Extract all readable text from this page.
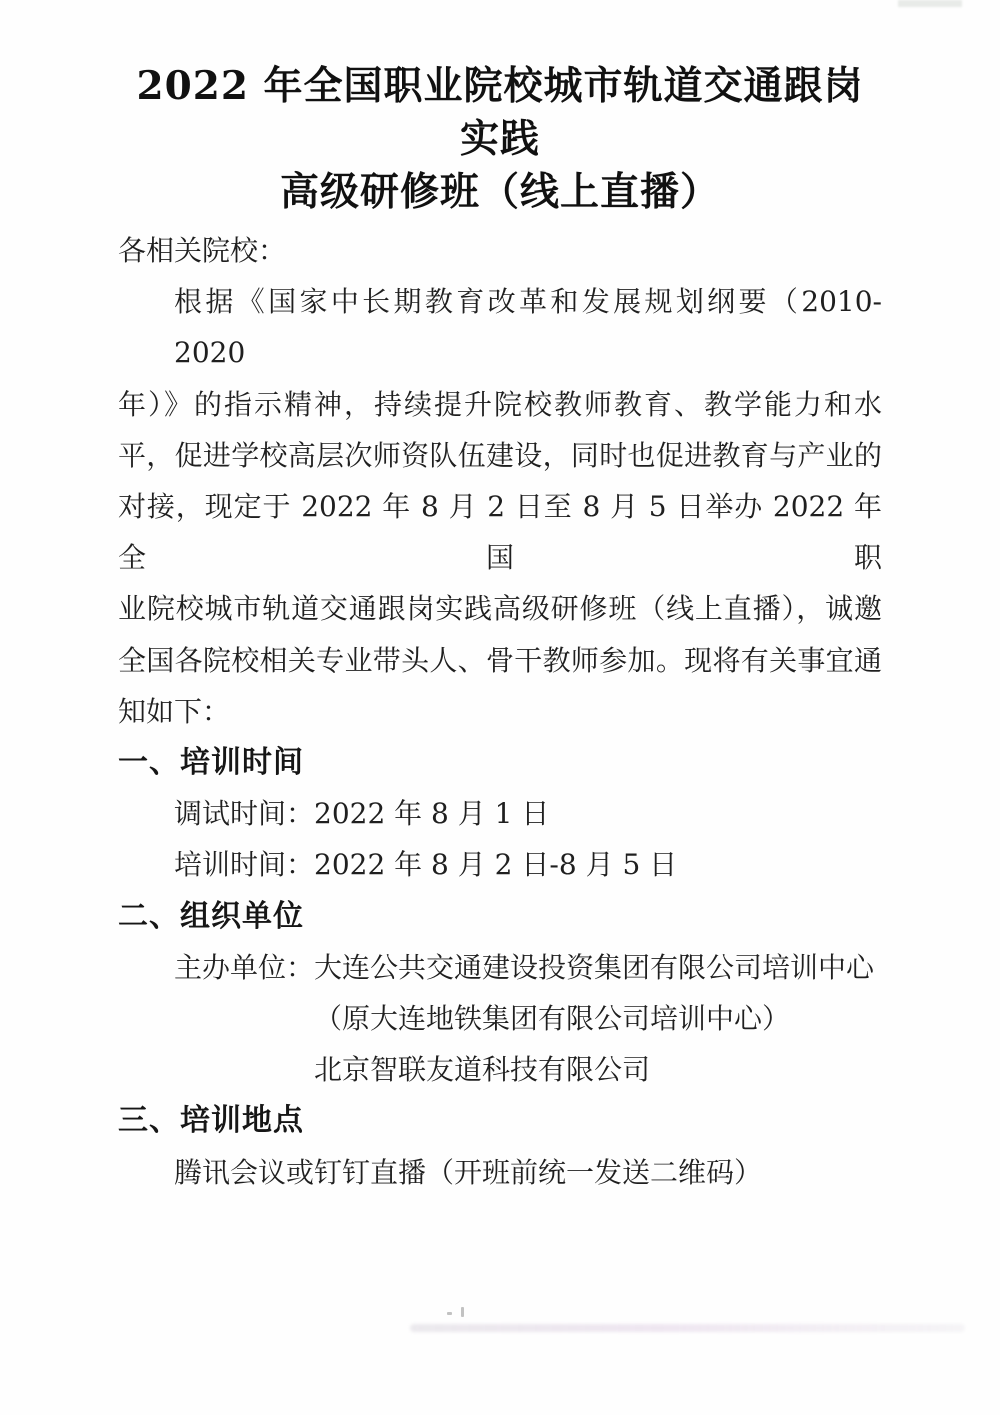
2022 年全国职业院校城市轨道交通跟岗实践
高级研修班（线上直播）
各相关院校：
根据《国家中长期教育改革和发展规划纲要（2010-2020
年）》的指示精神，持续提升院校教师教育、教学能力和水
平，促进学校高层次师资队伍建设，同时也促进教育与产业的
对接，现定于 2022 年 8 月 2 日至 8 月 5 日举办 2022 年全国职
业院校城市轨道交通跟岗实践高级研修班（线上直播），诚邀
全国各院校相关专业带头人、骨干教师参加。现将有关事宜通
知如下：
一、培训时间
调试时间：2022 年 8 月 1 日
培训时间：2022 年 8 月 2 日-8 月 5 日
二、组织单位
主办单位：大连公共交通建设投资集团有限公司培训中心
（原大连地铁集团有限公司培训中心）
北京智联友道科技有限公司
三、培训地点
腾讯会议或钉钉直播（开班前统一发送二维码）
